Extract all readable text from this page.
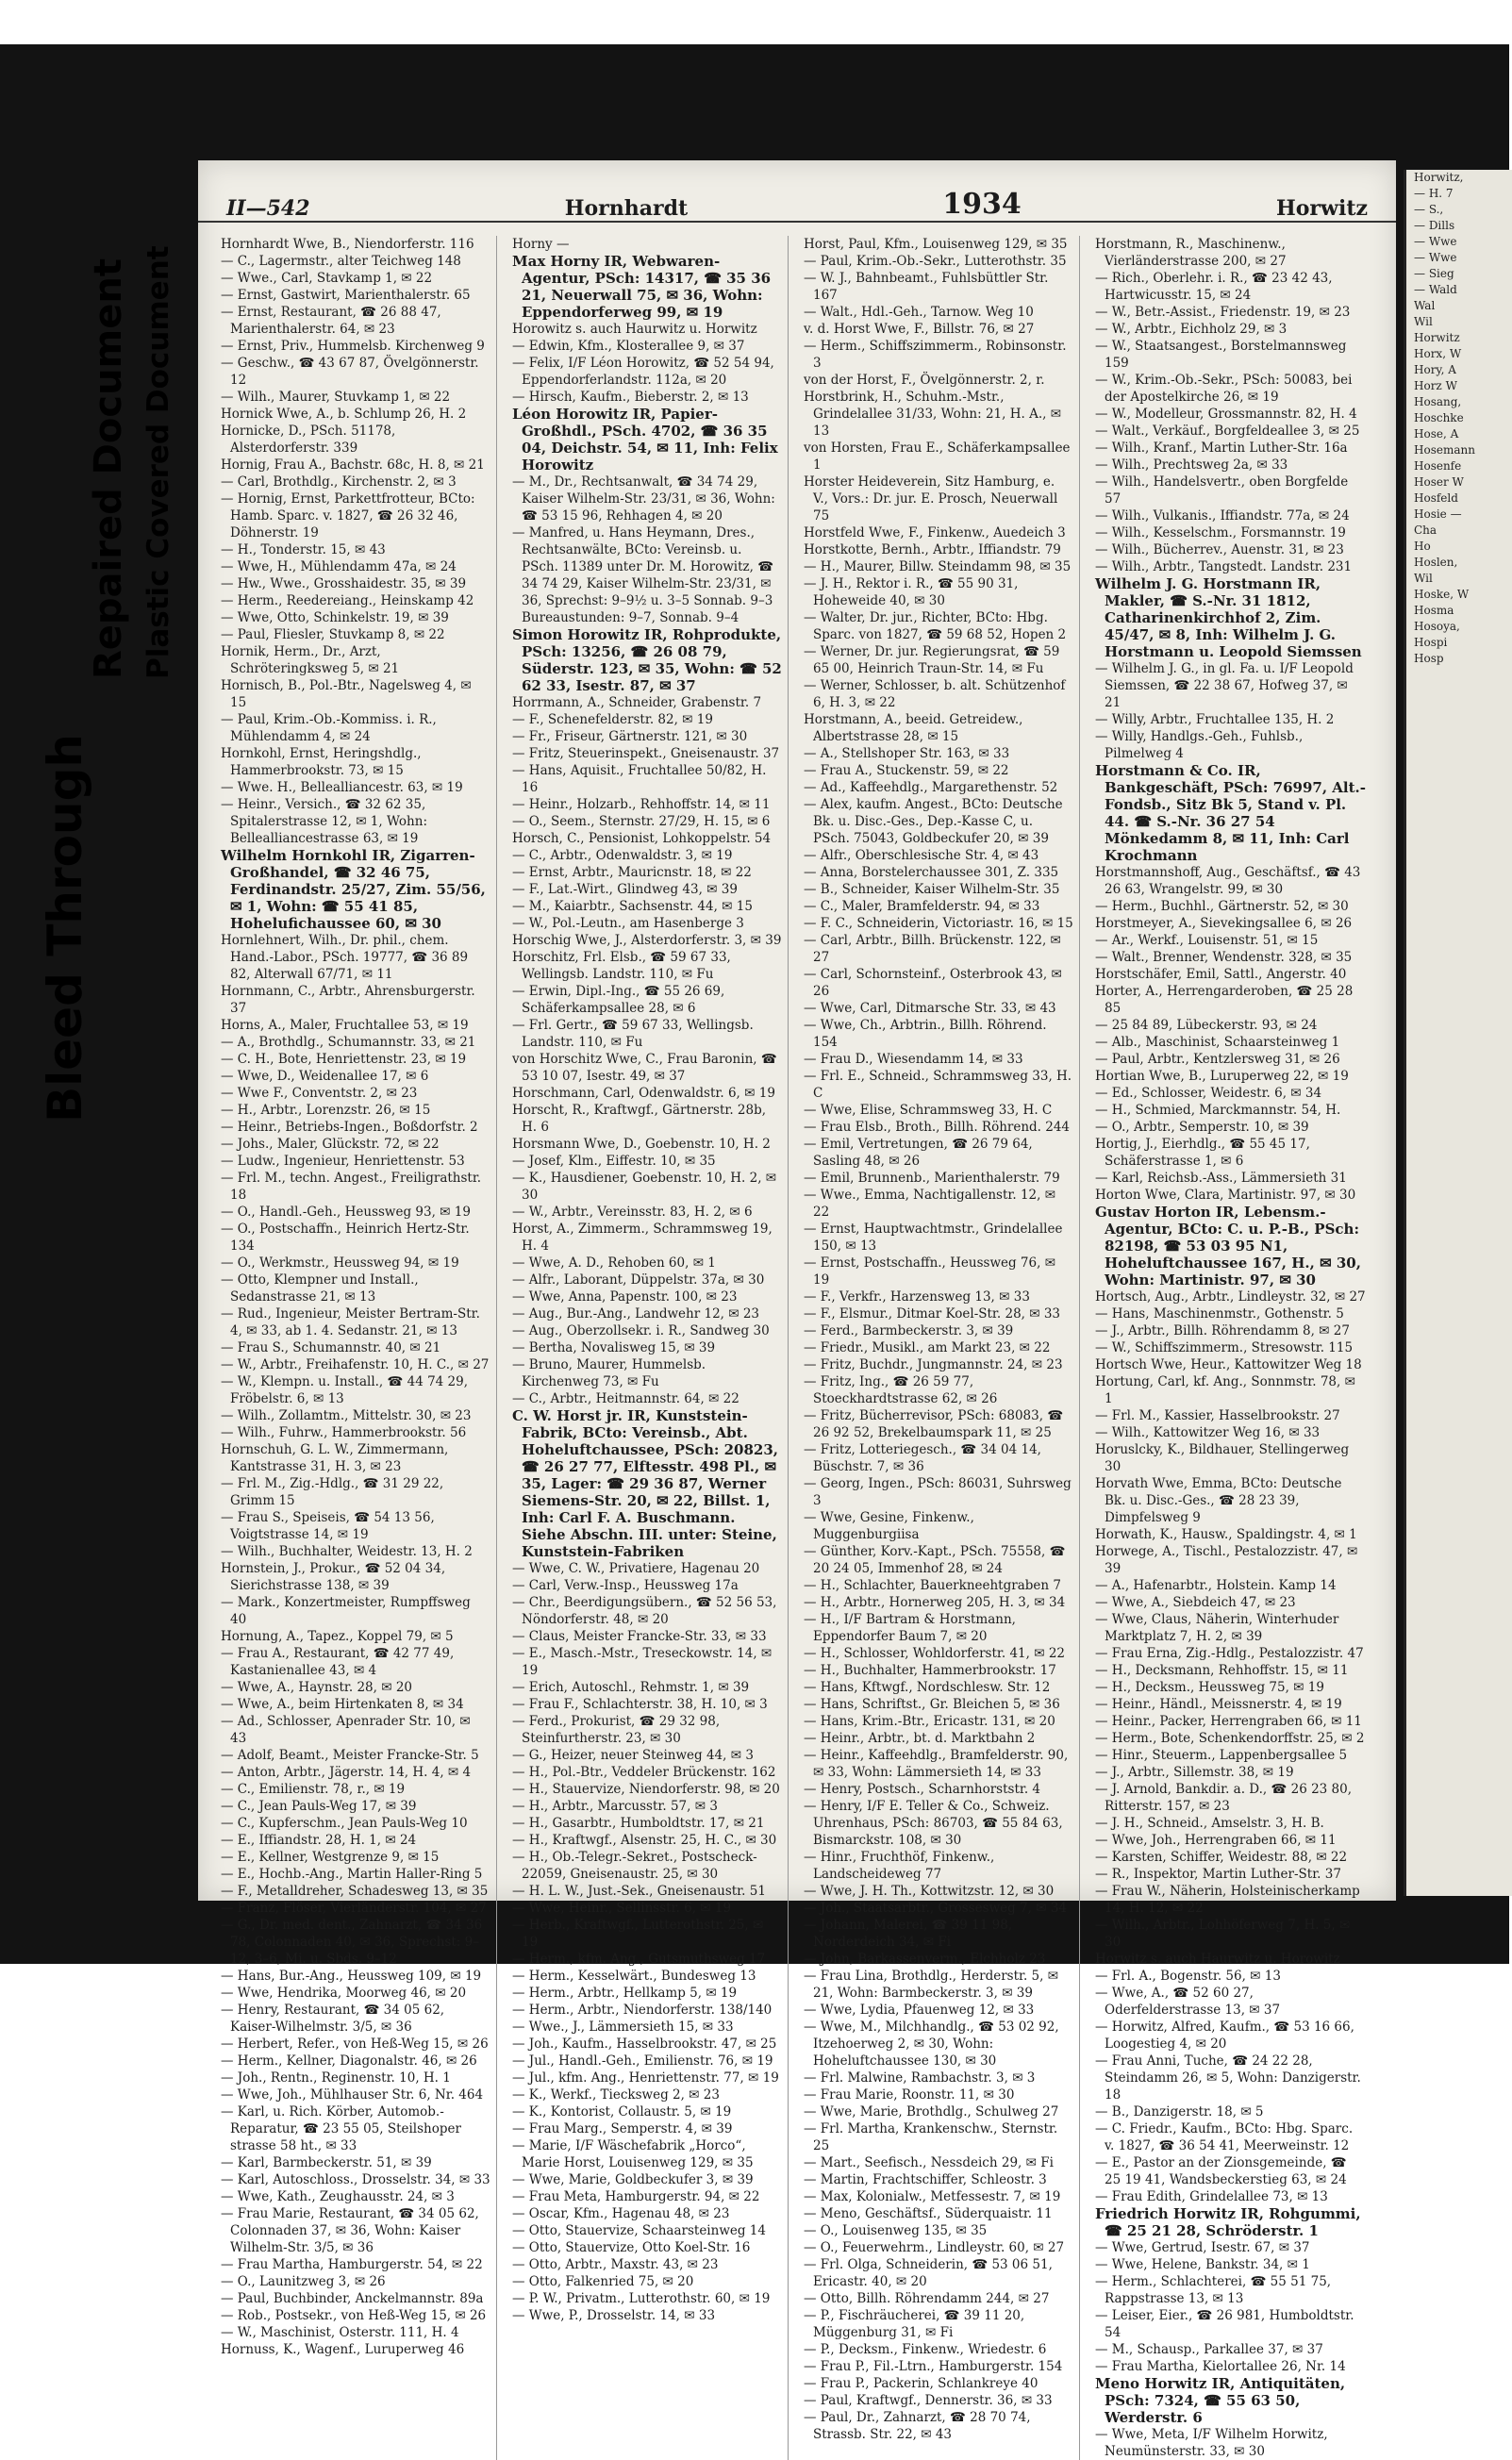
Bleed Through
Repaired Document Plastic Covered Document
II—542	Hornhardt	1934	Horwitz

Hornhardt Wwe, B., Niendorferstr. 116

— C., Lagermstr., alter Teichweg 148

— Wwe., Carl, Stavkamp 1, ✉ 22

— Ernst, Gastwirt, Marienthalerstr. 65

— Ernst, Restaurant, ☎ 26 88 47, Marienthalerstr. 64, ✉ 23

— Ernst, Priv., Hummelsb. Kirchenweg 9

— Geschw., ☎ 43 67 87, Övelgönnerstr. 12

— Wilh., Maurer, Stuvkamp 1, ✉ 22

Hornick Wwe, A., b. Schlump 26, H. 2

Hornicke, D., PSch. 51178, Alsterdorferstr. 339

Hornig, Frau A., Bachstr. 68c, H. 8, ✉ 21

— Carl, Brothdlg., Kirchenstr. 2, ✉ 3

— Hornig, Ernst, Parkettfrotteur, BCto: Hamb. Sparc. v. 1827, ☎ 26 32 46, Döhnerstr. 19

— H., Tonderstr. 15, ✉ 43

— Wwe, H., Mühlendamm 47a, ✉ 24

— Hw., Wwe., Grosshaidestr. 35, ✉ 39

— Herm., Reedereiang., Heinskamp 42

— Wwe, Otto, Schinkelstr. 19, ✉ 39

— Paul, Fliesler, Stuvkamp 8, ✉ 22

Hornik, Herm., Dr., Arzt, Schröteringksweg 5, ✉ 21

Hornisch, B., Pol.-Btr., Nagelsweg 4, ✉ 15

— Paul, Krim.-Ob.-Kommiss. i. R., Mühlendamm 4, ✉ 24

Hornkohl, Ernst, Heringshdlg., Hammerbrookstr. 73, ✉ 15

— Wwe. H., Bellealliancestr. 63, ✉ 19

— Heinr., Versich., ☎ 32 62 35, Spitalerstrasse 12, ✉ 1, Wohn: Bellealliancestrasse 63, ✉ 19

Wilhelm Hornkohl IR, Zigarren-Großhandel, ☎ 32 46 75, Ferdinandstr. 25/27, Zim. 55/56, ✉ 1, Wohn: ☎ 55 41 85, Hohelufichaussee 60, ✉ 30

Hornlehnert, Wilh., Dr. phil., chem. Hand.-Labor., PSch. 19777, ☎ 36 89 82, Alterwall 67/71, ✉ 11

Hornmann, C., Arbtr., Ahrensburgerstr. 37

Horns, A., Maler, Fruchtallee 53, ✉ 19

— A., Brothdlg., Schumannstr. 33, ✉ 21

— C. H., Bote, Henriettenstr. 23, ✉ 19

— Wwe, D., Weidenallee 17, ✉ 6

— Wwe F., Conventstr. 2, ✉ 23

— H., Arbtr., Lorenzstr. 26, ✉ 15

— Heinr., Betriebs-Ingen., Boßdorfstr. 2

— Johs., Maler, Glückstr. 72, ✉ 22

— Ludw., Ingenieur, Henriettenstr. 53

— Frl. M., techn. Angest., Freiligrathstr. 18

— O., Handl.-Geh., Heussweg 93, ✉ 19

— O., Postschaffn., Heinrich Hertz-Str. 134

— O., Werkmstr., Heussweg 94, ✉ 19

— Otto, Klempner und Install., Sedanstrasse 21, ✉ 13

— Rud., Ingenieur, Meister Bertram-Str. 4, ✉ 33, ab 1. 4. Sedanstr. 21, ✉ 13

— Frau S., Schumannstr. 40, ✉ 21

— W., Arbtr., Freihafenstr. 10, H. C., ✉ 27

— W., Klempn. u. Install., ☎ 44 74 29, Fröbelstr. 6, ✉ 13

— Wilh., Zollamtm., Mittelstr. 30, ✉ 23

— Wilh., Fuhrw., Hammerbrookstr. 56

Hornschuh, G. L. W., Zimmermann, Kantstrasse 31, H. 3, ✉ 23

— Frl. M., Zig.-Hdlg., ☎ 31 29 22, Grimm 15

— Frau S., Speiseis, ☎ 54 13 56, Voigtstrasse 14, ✉ 19

— Wilh., Buchhalter, Weidestr. 13, H. 2

Hornstein, J., Prokur., ☎ 52 04 34, Sierichstrasse 138, ✉ 39

— Mark., Konzertmeister, Rumpffsweg 40

Hornung, A., Tapez., Koppel 79, ✉ 5

— Frau A., Restaurant, ☎ 42 77 49, Kastanienallee 43, ✉ 4

— Wwe, A., Haynstr. 28, ✉ 20

— Wwe, A., beim Hirtenkaten 8, ✉ 34

— Ad., Schlosser, Apenrader Str. 10, ✉ 43

— Adolf, Beamt., Meister Francke-Str. 5

— Anton, Arbtr., Jägerstr. 14, H. 4, ✉ 4

— C., Emilienstr. 78, r., ✉ 19

— C., Jean Pauls-Weg 17, ✉ 39

— C., Kupferschm., Jean Pauls-Weg 10

— E., Iffiandstr. 28, H. 1, ✉ 24

— E., Kellner, Westgrenze 9, ✉ 15

— E., Hochb.-Ang., Martin Haller-Ring 5

— F., Metalldreher, Schadesweg 13, ✉ 35

— Franz, Flöser, Vierländerstr. 104, ✉ 27

— G., Dr. med. dent., Zahnarzt, ☎ 34 36 78, Colonnaden 40, ✉ 36, Sprechst: 9–12, 3–6, Mi. u. Sbds. 9–12

— Hans, Bur.-Ang., Heussweg 109, ✉ 19

— Wwe, Hendrika, Moorweg 46, ✉ 20

— Henry, Restaurant, ☎ 34 05 62, Kaiser-Wilhelmstr. 3/5, ✉ 36

— Herbert, Refer., von Heß-Weg 15, ✉ 26

— Herm., Kellner, Diagonalstr. 46, ✉ 26

— Joh., Rentn., Reginenstr. 10, H. 1

— Wwe, Joh., Mühlhauser Str. 6, Nr. 464

— Karl, u. Rich. Körber, Automob.-Reparatur, ☎ 23 55 05, Steilshoper strasse 58 ht., ✉ 33

— Karl, Barmbeckerstr. 51, ✉ 39

— Karl, Autoschloss., Drosselstr. 34, ✉ 33

— Wwe, Kath., Zeughausstr. 24, ✉ 3

— Frau Marie, Restaurant, ☎ 34 05 62, Colonnaden 37, ✉ 36, Wohn: Kaiser Wilhelm-Str. 3/5, ✉ 36

— Frau Martha, Hamburgerstr. 54, ✉ 22

— O., Launitzweg 3, ✉ 26

— Paul, Buchbinder, Anckelmannstr. 89a

— Rob., Postsekr., von Heß-Weg 15, ✉ 26

— W., Maschinist, Osterstr. 111, H. 4

Hornuss, K., Wagenf., Luruperweg 46

Horny —

Max Horny IR, Webwaren-Agentur, PSch: 14317, ☎ 35 36 21, Neuerwall 75, ✉ 36, Wohn: Eppendorferweg 99, ✉ 19

Horowitz s. auch Haurwitz u. Horwitz

— Edwin, Kfm., Klosterallee 9, ✉ 37

— Felix, I/F Léon Horowitz, ☎ 52 54 94, Eppendorferlandstr. 112a, ✉ 20

— Hirsch, Kaufm., Bieberstr. 2, ✉ 13

Léon Horowitz IR, Papier-Großhdl., PSch. 4702, ☎ 36 35 04, Deichstr. 54, ✉ 11, Inh: Felix Horowitz

— M., Dr., Rechtsanwalt, ☎ 34 74 29, Kaiser Wilhelm-Str. 23/31, ✉ 36, Wohn: ☎ 53 15 96, Rehhagen 4, ✉ 20

— Manfred, u. Hans Heymann, Dres., Rechtsanwälte, BCto: Vereinsb. u. PSch. 11389 unter Dr. M. Horowitz, ☎ 34 74 29, Kaiser Wilhelm-Str. 23/31, ✉ 36, Sprechst: 9–9½ u. 3–5 Sonnab. 9–3 Bureaustunden: 9–7, Sonnab. 9–4

Simon Horowitz IR, Rohprodukte, PSch: 13256, ☎ 26 08 79, Süderstr. 123, ✉ 35, Wohn: ☎ 52 62 33, Isestr. 87, ✉ 37

Horrmann, A., Schneider, Grabenstr. 7

— F., Schenefelderstr. 82, ✉ 19

— Fr., Friseur, Gärtnerstr. 121, ✉ 30

— Fritz, Steuerinspekt., Gneisenaustr. 37

— Hans, Aquisit., Fruchtallee 50/82, H. 16

— Heinr., Holzarb., Rehhoffstr. 14, ✉ 11

— O., Seem., Sternstr. 27/29, H. 15, ✉ 6

Horsch, C., Pensionist, Lohkoppelstr. 54

— C., Arbtr., Odenwaldstr. 3, ✉ 19

— Ernst, Arbtr., Mauricnstr. 18, ✉ 22

— F., Lat.-Wirt., Glindweg 43, ✉ 39

— M., Kaiarbtr., Sachsenstr. 44, ✉ 15

— W., Pol.-Leutn., am Hasenberge 3

Horschig Wwe, J., Alsterdorferstr. 3, ✉ 39

Horschitz, Frl. Elsb., ☎ 59 67 33, Wellingsb. Landstr. 110, ✉ Fu

— Erwin, Dipl.-Ing., ☎ 55 26 69, Schäferkampsallee 28, ✉ 6

— Frl. Gertr., ☎ 59 67 33, Wellingsb. Landstr. 110, ✉ Fu

von Horschitz Wwe, C., Frau Baronin, ☎ 53 10 07, Isestr. 49, ✉ 37

Horschmann, Carl, Odenwaldstr. 6, ✉ 19

Horscht, R., Kraftwgf., Gärtnerstr. 28b, H. 6

Horsmann Wwe, D., Goebenstr. 10, H. 2

— Josef, Klm., Eiffestr. 10, ✉ 35

— K., Hausdiener, Goebenstr. 10, H. 2, ✉ 30

— W., Arbtr., Vereinsstr. 83, H. 2, ✉ 6

Horst, A., Zimmerm., Schrammsweg 19, H. 4

— Wwe, A. D., Rehoben 60, ✉ 1

— Alfr., Laborant, Düppelstr. 37a, ✉ 30

— Wwe, Anna, Papenstr. 100, ✉ 23

— Aug., Bur.-Ang., Landwehr 12, ✉ 23

— Aug., Oberzollsekr. i. R., Sandweg 30

— Bertha, Novalisweg 15, ✉ 39

— Bruno, Maurer, Hummelsb. Kirchenweg 73, ✉ Fu

— C., Arbtr., Heitmannstr. 64, ✉ 22

C. W. Horst jr. IR, Kunststein-Fabrik, BCto: Vereinsb., Abt. Hoheluftchaussee, PSch: 20823, ☎ 26 27 77, Elftesstr. 498 Pl., ✉ 35, Lager: ☎ 29 36 87, Werner Siemens-Str. 20, ✉ 22, Billst. 1, Inh: Carl F. A. Buschmann. Siehe Abschn. III. unter: Steine, Kunststein-Fabriken

— Wwe, C. W., Privatiere, Hagenau 20

— Carl, Verw.-Insp., Heussweg 17a

— Chr., Beerdigungsübern., ☎ 52 56 53, Nöndorferstr. 48, ✉ 20

— Claus, Meister Francke-Str. 33, ✉ 33

— E., Masch.-Mstr., Treseckowstr. 14, ✉ 19

— Erich, Autoschl., Rehmstr. 1, ✉ 39

— Frau F., Schlachterstr. 38, H. 10, ✉ 3

— Ferd., Prokurist, ☎ 29 32 98, Steinfurtherstr. 23, ✉ 30

— G., Heizer, neuer Steinweg 44, ✉ 3

— H., Pol.-Btr., Veddeler Brückenstr. 162

— H., Stauervize, Niendorferstr. 98, ✉ 20

— H., Arbtr., Marcusstr. 57, ✉ 3

— H., Gasarbtr., Humboldtstr. 17, ✉ 21

— H., Kraftwgf., Alsenstr. 25, H. C., ✉ 30

— H., Ob.-Telegr.-Sekret., Postscheck-22059, Gneisenaustr. 25, ✉ 30

— H. L. W., Just.-Sek., Gneisenaustr. 51

— Wwe, Heinr., Sellinsstr. 6, ✉ 19

— Herb., Kraftwgf., Lutterothstr. 25, ✉ 19

— Herm., kfm. Ang., Gutsmuthsweg 17

— Herm., Kesselwärt., Bundesweg 13

— Herm., Arbtr., Hellkamp 5, ✉ 19

— Herm., Arbtr., Niendorferstr. 138/140

— Wwe., J., Lämmersieth 15, ✉ 33

— Joh., Kaufm., Hasselbrookstr. 47, ✉ 25

— Jul., Handl.-Geh., Emilienstr. 76, ✉ 19

— Jul., kfm. Ang., Henriettenstr. 77, ✉ 19

— K., Werkf., Tiecksweg 2, ✉ 23

— K., Kontorist, Collaustr. 5, ✉ 19

— Frau Marg., Semperstr. 4, ✉ 39

— Marie, I/F Wäschefabrik „Horco“, Marie Horst, Louisenweg 129, ✉ 35

— Wwe, Marie, Goldbeckufer 3, ✉ 39

— Frau Meta, Hamburgerstr. 94, ✉ 22

— Oscar, Kfm., Hagenau 48, ✉ 23

— Otto, Stauervize, Schaarsteinweg 14

— Otto, Stauervize, Otto Koel-Str. 16

— Otto, Arbtr., Maxstr. 43, ✉ 23

— Otto, Falkenried 75, ✉ 20

— P. W., Privatm., Lutterothstr. 60, ✉ 19

— Wwe, P., Drosselstr. 14, ✉ 33

Horst, Paul, Kfm., Louisenweg 129, ✉ 35

— Paul, Krim.-Ob.-Sekr., Lutterothstr. 35

— W. J., Bahnbeamt., Fuhlsbüttler Str. 167

— Walt., Hdl.-Geh., Tarnow. Weg 10

v. d. Horst Wwe, F., Billstr. 76, ✉ 27

— Herm., Schiffszimmerm., Robinsonstr. 3

von der Horst, F., Övelgönnerstr. 2, r.

Horstbrink, H., Schuhm.-Mstr., Grindelallee 31/33, Wohn: 21, H. A., ✉ 13

von Horsten, Frau E., Schäferkampsallee 1

Horster Heideverein, Sitz Hamburg, e. V., Vors.: Dr. jur. E. Prosch, Neuerwall 75

Horstfeld Wwe, F., Finkenw., Auedeich 3

Horstkotte, Bernh., Arbtr., Iffiandstr. 79

— H., Maurer, Billw. Steindamm 98, ✉ 35

— J. H., Rektor i. R., ☎ 55 90 31, Hoheweide 40, ✉ 30

— Walter, Dr. jur., Richter, BCto: Hbg. Sparc. von 1827, ☎ 59 68 52, Hopen 2

— Werner, Dr. jur. Regierungsrat, ☎ 59 65 00, Heinrich Traun-Str. 14, ✉ Fu

— Werner, Schlosser, b. alt. Schützenhof 6, H. 3, ✉ 22

Horstmann, A., beeid. Getreidew., Albertstrasse 28, ✉ 15

— A., Stellshoper Str. 163, ✉ 33

— Frau A., Stuckenstr. 59, ✉ 22

— Ad., Kaffeehdlg., Margarethenstr. 52

— Alex, kaufm. Angest., BCto: Deutsche Bk. u. Disc.-Ges., Dep.-Kasse C, u. PSch. 75043, Goldbeckufer 20, ✉ 39

— Alfr., Oberschlesische Str. 4, ✉ 43

— Anna, Borstelerchaussee 301, Z. 335

— B., Schneider, Kaiser Wilhelm-Str. 35

— C., Maler, Bramfelderstr. 94, ✉ 33

— F. C., Schneiderin, Victoriastr. 16, ✉ 15

— Carl, Arbtr., Billh. Brückenstr. 122, ✉ 27

— Carl, Schornsteinf., Osterbrook 43, ✉ 26

— Wwe, Carl, Ditmarsche Str. 33, ✉ 43

— Wwe, Ch., Arbtrin., Billh. Röhrend. 154

— Frau D., Wiesendamm 14, ✉ 33

— Frl. E., Schneid., Schrammsweg 33, H. C

— Wwe, Elise, Schrammsweg 33, H. C

— Frau Elsb., Broth., Billh. Röhrend. 244

— Emil, Vertretungen, ☎ 26 79 64, Sasling 48, ✉ 26

— Emil, Brunnenb., Marienthalerstr. 79

— Wwe., Emma, Nachtigallenstr. 12, ✉ 22

— Ernst, Hauptwachtmstr., Grindelallee 150, ✉ 13

— Ernst, Postschaffn., Heussweg 76, ✉ 19

— F., Verkfr., Harzensweg 13, ✉ 33

— F., Elsmur., Ditmar Koel-Str. 28, ✉ 33

— Ferd., Barmbeckerstr. 3, ✉ 39

— Friedr., Musikl., am Markt 23, ✉ 22

— Fritz, Buchdr., Jungmannstr. 24, ✉ 23

— Fritz, Ing., ☎ 26 59 77, Stoeckhardtstrasse 62, ✉ 26

— Fritz, Bücherrevisor, PSch: 68083, ☎ 26 92 52, Brekelbaumspark 11, ✉ 25

— Fritz, Lotteriegesch., ☎ 34 04 14, Büschstr. 7, ✉ 36

— Georg, Ingen., PSch: 86031, Suhrsweg 3

— Wwe, Gesine, Finkenw., Muggenburgiisa

— Günther, Korv.-Kapt., PSch. 75558, ☎ 20 24 05, Immenhof 28, ✉ 24

— H., Schlachter, Bauerkneehtgraben 7

— H., Arbtr., Hornerweg 205, H. 3, ✉ 34

— H., I/F Bartram & Horstmann, Eppendorfer Baum 7, ✉ 20

— H., Schlosser, Wohldorferstr. 41, ✉ 22

— H., Buchhalter, Hammerbrookstr. 17

— Hans, Kftwgf., Nordschlesw. Str. 12

— Hans, Schriftst., Gr. Bleichen 5, ✉ 36

— Hans, Krim.-Btr., Ericastr. 131, ✉ 20

— Heinr., Arbtr., bt. d. Marktbahn 2

— Heinr., Kaffeehdlg., Bramfelderstr. 90, ✉ 33, Wohn: Lämmersieth 14, ✉ 33

— Henry, Postsch., Scharnhorststr. 4

— Henry, I/F E. Teller & Co., Schweiz. Uhrenhaus, PSch: 86703, ☎ 55 84 63, Bismarckstr. 108, ✉ 30

— Hinr., Fruchthöf, Finkenw., Landscheideweg 77

— Wwe, J. H. Th., Kottwitzstr. 12, ✉ 30

— Joh., Staatsarbtr., Grossesweg 7, ✉ 34

— Johann, Malerei, ☎ 39 11 98, Norderdeich 34, ✉ Fi

— John, Barkassenverm., Elchholz 23

— Frau Lina, Brothdlg., Herderstr. 5, ✉ 21, Wohn: Barmbeckerstr. 3, ✉ 39

— Wwe, Lydia, Pfauenweg 12, ✉ 33

— Wwe, M., Milchhandlg., ☎ 53 02 92, Itzehoerweg 2, ✉ 30, Wohn: Hoheluftchaussee 130, ✉ 30

— Frl. Malwine, Rambachstr. 3, ✉ 3

— Frau Marie, Roonstr. 11, ✉ 30

— Wwe, Marie, Brothdlg., Schulweg 27

— Frl. Martha, Krankenschw., Sternstr. 25

— Mart., Seefisch., Nessdeich 29, ✉ Fi

— Martin, Frachtschiffer, Schleostr. 3

— Max, Kolonialw., Metfessestr. 7, ✉ 19

— Meno, Geschäftsf., Süderquaistr. 11

— O., Louisenweg 135, ✉ 35

— O., Feuerwehrm., Lindleystr. 60, ✉ 27

— Frl. Olga, Schneiderin, ☎ 53 06 51, Ericastr. 40, ✉ 20

— Otto, Billh. Röhrendamm 244, ✉ 27

— P., Fischräucherei, ☎ 39 11 20, Müggenburg 31, ✉ Fi

— P., Decksm., Finkenw., Wriedestr. 6

— Frau P., Fil.-Ltrn., Hamburgerstr. 154

— Frau P., Packerin, Schlankreye 40

— Paul, Kraftwgf., Dennerstr. 36, ✉ 33

— Paul, Dr., Zahnarzt, ☎ 28 70 74, Strassb. Str. 22, ✉ 43

Horstmann, R., Maschinenw., Vierländerstrasse 200, ✉ 27

— Rich., Oberlehr. i. R., ☎ 23 42 43, Hartwicusstr. 15, ✉ 24

— W., Betr.-Assist., Friedenstr. 19, ✉ 23

— W., Arbtr., Eichholz 29, ✉ 3

— W., Staatsangest., Borstelmannsweg 159

— W., Krim.-Ob.-Sekr., PSch: 50083, bei der Apostelkirche 26, ✉ 19

— W., Modelleur, Grossmannstr. 82, H. 4

— Walt., Verkäuf., Borgfeldeallee 3, ✉ 25

— Wilh., Kranf., Martin Luther-Str. 16a

— Wilh., Prechtsweg 2a, ✉ 33

— Wilh., Handelsvertr., oben Borgfelde 57

— Wilh., Vulkanis., Iffiandstr. 77a, ✉ 24

— Wilh., Kesselschm., Forsmannstr. 19

— Wilh., Bücherrev., Auenstr. 31, ✉ 23

— Wilh., Arbtr., Tangstedt. Landstr. 231

Wilhelm J. G. Horstmann IR, Makler, ☎ S.-Nr. 31 1812, Catharinenkirchhof 2, Zim. 45/47, ✉ 8, Inh: Wilhelm J. G. Horstmann u. Leopold Siemssen

— Wilhelm J. G., in gl. Fa. u. I/F Leopold Siemssen, ☎ 22 38 67, Hofweg 37, ✉ 21

— Willy, Arbtr., Fruchtallee 135, H. 2

— Willy, Handlgs.-Geh., Fuhlsb., Pilmelweg 4

Horstmann & Co. IR, Bankgeschäft, PSch: 76997, Alt.-Fondsb., Sitz Bk 5, Stand v. Pl. 44. ☎ S.-Nr. 36 27 54 Mönkedamm 8, ✉ 11, Inh: Carl Krochmann

Horstmannshoff, Aug., Geschäftsf., ☎ 43 26 63, Wrangelstr. 99, ✉ 30

— Herm., Buchhl., Gärtnerstr. 52, ✉ 30

Horstmeyer, A., Sievekingsallee 6, ✉ 26

— Ar., Werkf., Louisenstr. 51, ✉ 15

— Walt., Brenner, Wendenstr. 328, ✉ 35

Horstschäfer, Emil, Sattl., Angerstr. 40

Horter, A., Herrengarderoben, ☎ 25 28 85

— 25 84 89, Lübeckerstr. 93, ✉ 24

— Alb., Maschinist, Schaarsteinweg 1

— Paul, Arbtr., Kentzlersweg 31, ✉ 26

Hortian Wwe, B., Luruperweg 22, ✉ 19

— Ed., Schlosser, Weidestr. 6, ✉ 34

— H., Schmied, Marckmannstr. 54, H.

— O., Arbtr., Semperstr. 10, ✉ 39

Hortig, J., Eierhdlg., ☎ 55 45 17, Schäferstrasse 1, ✉ 6

— Karl, Reichsb.-Ass., Lämmersieth 31

Horton Wwe, Clara, Martinistr. 97, ✉ 30

Gustav Horton IR, Lebensm.-Agentur, BCto: C. u. P.-B., PSch: 82198, ☎ 53 03 95 N1, Hoheluftchaussee 167, H., ✉ 30, Wohn: Martinistr. 97, ✉ 30

Hortsch, Aug., Arbtr., Lindleystr. 32, ✉ 27

— Hans, Maschinenmstr., Gothenstr. 5

— J., Arbtr., Billh. Röhrendamm 8, ✉ 27

— W., Schiffszimmerm., Stresowstr. 115

Hortsch Wwe, Heur., Kattowitzer Weg 18

Hortung, Carl, kf. Ang., Sonnmstr. 78, ✉ 1

— Frl. M., Kassier, Hasselbrookstr. 27

— Wilh., Kattowitzer Weg 16, ✉ 33

Horuslcky, K., Bildhauer, Stellingerweg 30

Horvath Wwe, Emma, BCto: Deutsche Bk. u. Disc.-Ges., ☎ 28 23 39, Dimpfelsweg 9

Horwath, K., Hausw., Spaldingstr. 4, ✉ 1

Horwege, A., Tischl., Pestalozzistr. 47, ✉ 39

— A., Hafenarbtr., Holstein. Kamp 14

— Wwe, A., Siebdeich 47, ✉ 23

— Wwe, Claus, Näherin, Winterhuder Marktplatz 7, H. 2, ✉ 39

— Frau Erna, Zig.-Hdlg., Pestalozzistr. 47

— H., Decksmann, Rehhoffstr. 15, ✉ 11

— H., Decksm., Heussweg 75, ✉ 19

— Heinr., Händl., Meissnerstr. 4, ✉ 19

— Heinr., Packer, Herrengraben 66, ✉ 11

— Herm., Bote, Schenkendorffstr. 25, ✉ 2

— Hinr., Steuerm., Lappenbergsallee 5

— J., Arbtr., Sillemstr. 38, ✉ 19

— J. Arnold, Bankdir. a. D., ☎ 26 23 80, Ritterstr. 157, ✉ 23

— J. H., Schneid., Amselstr. 3, H. B.

— Wwe, Joh., Herrengraben 66, ✉ 11

— Karsten, Schiffer, Weidestr. 88, ✉ 22

— R., Inspektor, Martin Luther-Str. 37

— Frau W., Näherin, Holsteinischerkamp 14, H. 12, ✉ 22

— Wilh., Arbtr., Lohhöferweg 7, H. 5, ✉ 30

Horwitz s. auch Haurwitz u. Horowitz

— Frl. A., Bogenstr. 56, ✉ 13

— Wwe, A., ☎ 52 60 27, Oderfelderstrasse 13, ✉ 37

— Horwitz, Alfred, Kaufm., ☎ 53 16 66, Loogestieg 4, ✉ 20

— Frau Anni, Tuche, ☎ 24 22 28, Steindamm 26, ✉ 5, Wohn: Danzigerstr. 18

— B., Danzigerstr. 18, ✉ 5

— C. Friedr., Kaufm., BCto: Hbg. Sparc. v. 1827, ☎ 36 54 41, Meerweinstr. 12

— E., Pastor an der Zionsgemeinde, ☎ 25 19 41, Wandsbeckerstieg 63, ✉ 24

— Frau Edith, Grindelallee 73, ✉ 13

Friedrich Horwitz IR, Rohgummi, ☎ 25 21 28, Schröderstr. 1

— Wwe, Gertrud, Isestr. 67, ✉ 37

— Wwe, Helene, Bankstr. 34, ✉ 1

— Herm., Schlachterei, ☎ 55 51 75, Rappstrasse 13, ✉ 13

— Leiser, Eier., ☎ 26 981, Humboldtstr. 54

— M., Schausp., Parkallee 37, ✉ 37

— Frau Martha, Kielortallee 26, Nr. 14

Meno Horwitz IR, Antiquitäten, PSch: 7324, ☎ 55 63 50, Werderstr. 6

— Wwe, Meta, I/F Wilhelm Horwitz, Neumünsterstr. 33, ✉ 30

Horwitz,
— H. 7
— S.,
— Dills
— Wwe
— Wwe
— Sieg
— Wald
Wal
Wil
Horwitz
Horx, W
Hory, A
Horz W
Hosang,
Hoschke
Hose, A
Hosemann
Hosenfe
Hoser W
Hosfeld
Hosie —
Cha
Ho
Hoslen,
Wil
Hoske, W
Hosma
Hosoya,
Hospi
Hosp
